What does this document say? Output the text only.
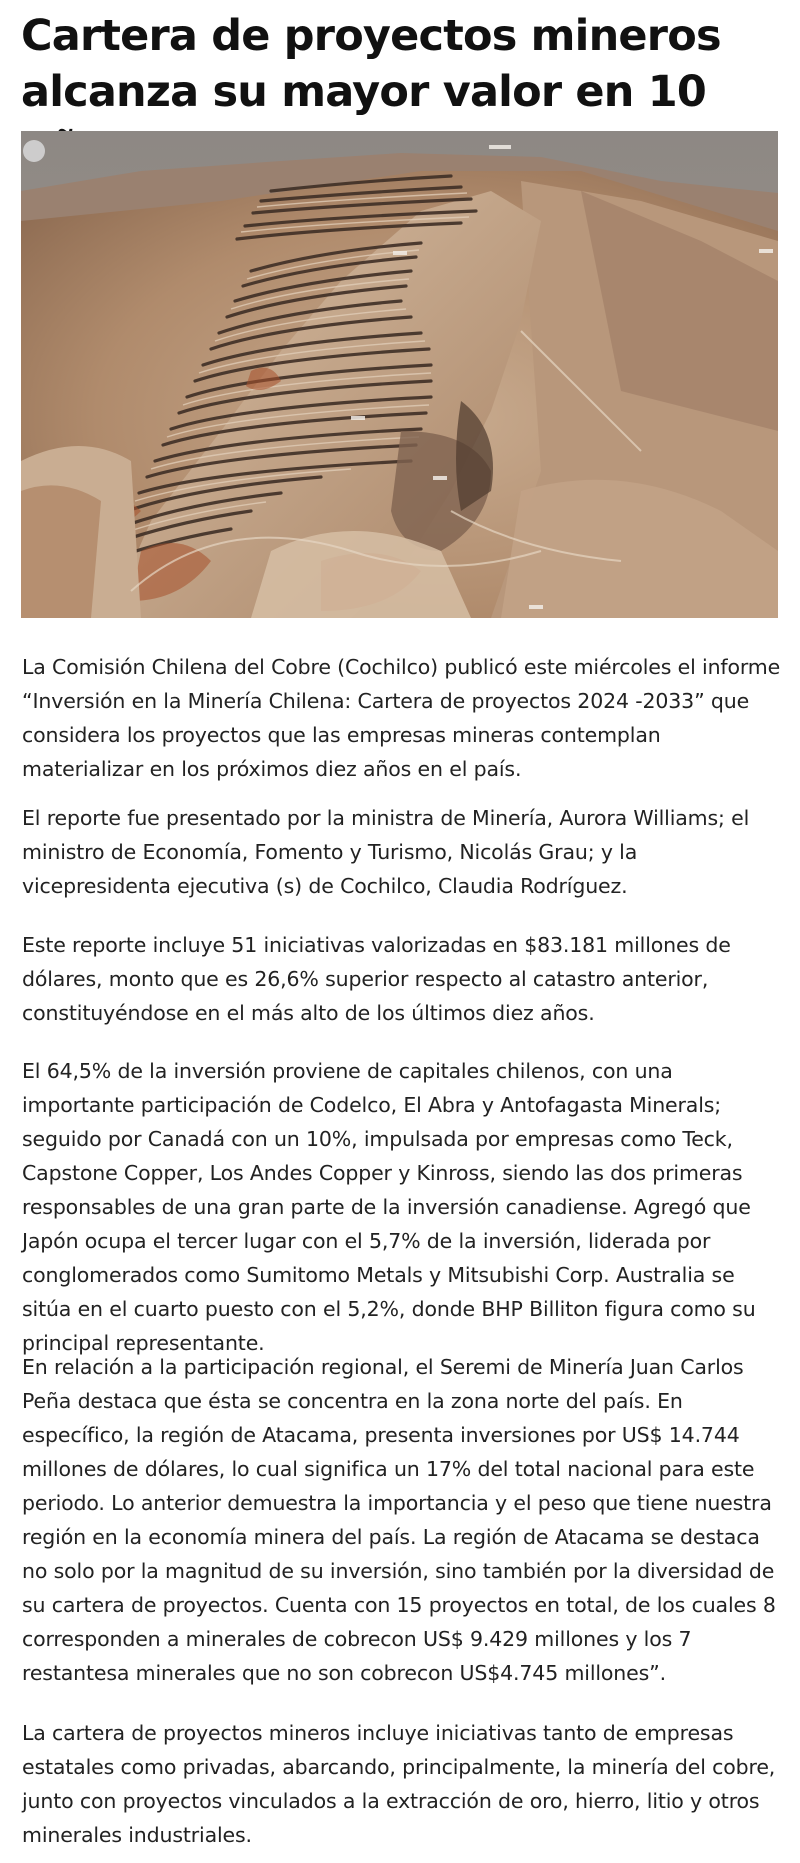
Cartera de proyectos mineros alcanza su mayor valor en 10

La Comisión Chilena del Cobre (Cochilco) publicó este miércoles el informe “Inversión en la Minería Chilena: Cartera de proyectos 2024 -2033” que considera los proyectos que las empresas mineras contemplan materializar en los próximos diez años en el país.

El reporte fue presentado por la ministra de Minería, Aurora Williams; el ministro de Economía, Fomento y Turismo, Nicolás Grau; y la vicepresidenta ejecutiva (s) de Cochilco, Claudia Rodríguez.

Este reporte incluye 51 iniciativas valorizadas en $83.181 millones de dólares, monto que es 26,6% superior respecto al catastro anterior, constituyéndose en el más alto de los últimos diez años.

El 64,5% de la inversión proviene de capitales chilenos, con una importante participación de Codelco, El Abra y Antofagasta Minerals; seguido por Canadá con un 10%, impulsada por empresas como Teck, Capstone Copper, Los Andes Copper y Kinross, siendo las dos primeras responsables de una gran parte de la inversión canadiense. Agregó que Japón ocupa el tercer lugar con el 5,7% de la inversión, liderada por conglomerados como Sumitomo Metals y Mitsubishi Corp. Australia se sitúa en el cuarto puesto con el 5,2%, donde BHP Billiton figura como su principal representante.

En relación a la participación regional, el Seremi de Minería Juan Carlos Peña destaca que ésta se concentra en la zona norte del país. En específico, la región de Atacama, presenta inversiones por US$ 14.744 millones de dólares, lo cual significa un 17% del total nacional para este periodo. Lo anterior demuestra la importancia y el peso que tiene nuestra región en la economía minera del país. La región de Atacama se destaca no solo por la magnitud de su inversión, sino también por la diversidad de su cartera de proyectos. Cuenta con 15 proyectos en total, de los cuales 8 corresponden a minerales de cobrecon US$ 9.429 millones y los 7 restantesa minerales que no son cobrecon US$4.745 millones”.

La cartera de proyectos mineros incluye iniciativas tanto de empresas estatales como privadas, abarcando, principalmente, la minería del cobre, junto con proyectos vinculados a la extracción de oro, hierro, litio y otros minerales industriales.
